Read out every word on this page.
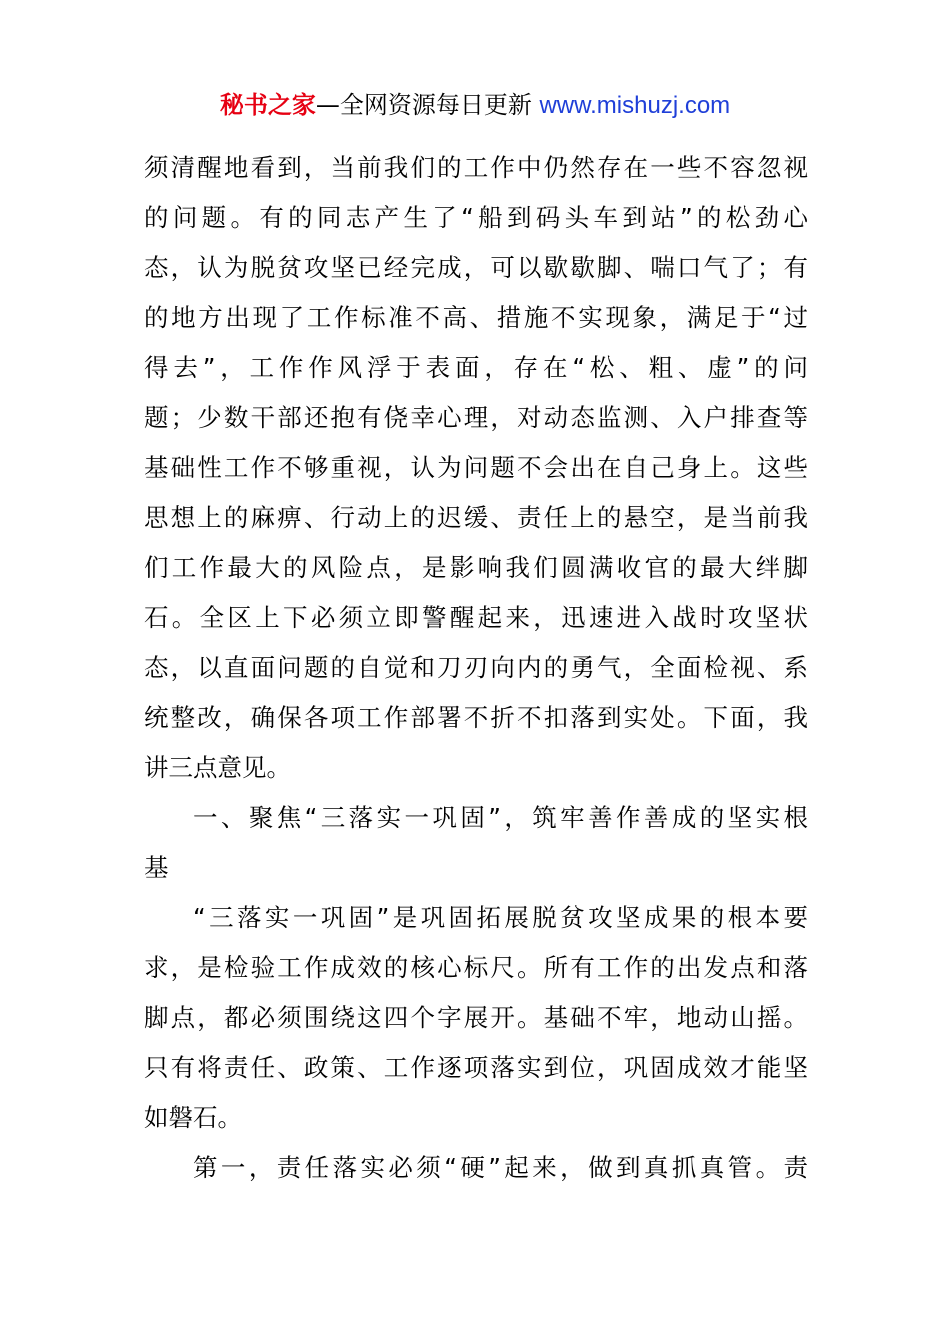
秘书之家—全网资源每日更新 www.mishuzj.com
须清醒地看到，当前我们的工作中仍然存在一些不容忽视
的问题。有的同志产生了“船到码头车到站”的松劲心
态，认为脱贫攻坚已经完成，可以歇歇脚、喘口气了；有
的地方出现了工作标准不高、措施不实现象，满足于“过
得去”，工作作风浮于表面，存在“松、粗、虚”的问
题；少数干部还抱有侥幸心理，对动态监测、入户排查等
基础性工作不够重视，认为问题不会出在自己身上。这些
思想上的麻痹、行动上的迟缓、责任上的悬空，是当前我
们工作最大的风险点，是影响我们圆满收官的最大绊脚
石。全区上下必须立即警醒起来，迅速进入战时攻坚状
态，以直面问题的自觉和刀刃向内的勇气，全面检视、系
统整改，确保各项工作部署不折不扣落到实处。下面，我
讲三点意见。
一、聚焦“三落实一巩固”，筑牢善作善成的坚实根
基
“三落实一巩固”是巩固拓展脱贫攻坚成果的根本要
求，是检验工作成效的核心标尺。所有工作的出发点和落
脚点，都必须围绕这四个字展开。基础不牢，地动山摇。
只有将责任、政策、工作逐项落实到位，巩固成效才能坚
如磐石。
第一，责任落实必须“硬”起来，做到真抓真管。责
